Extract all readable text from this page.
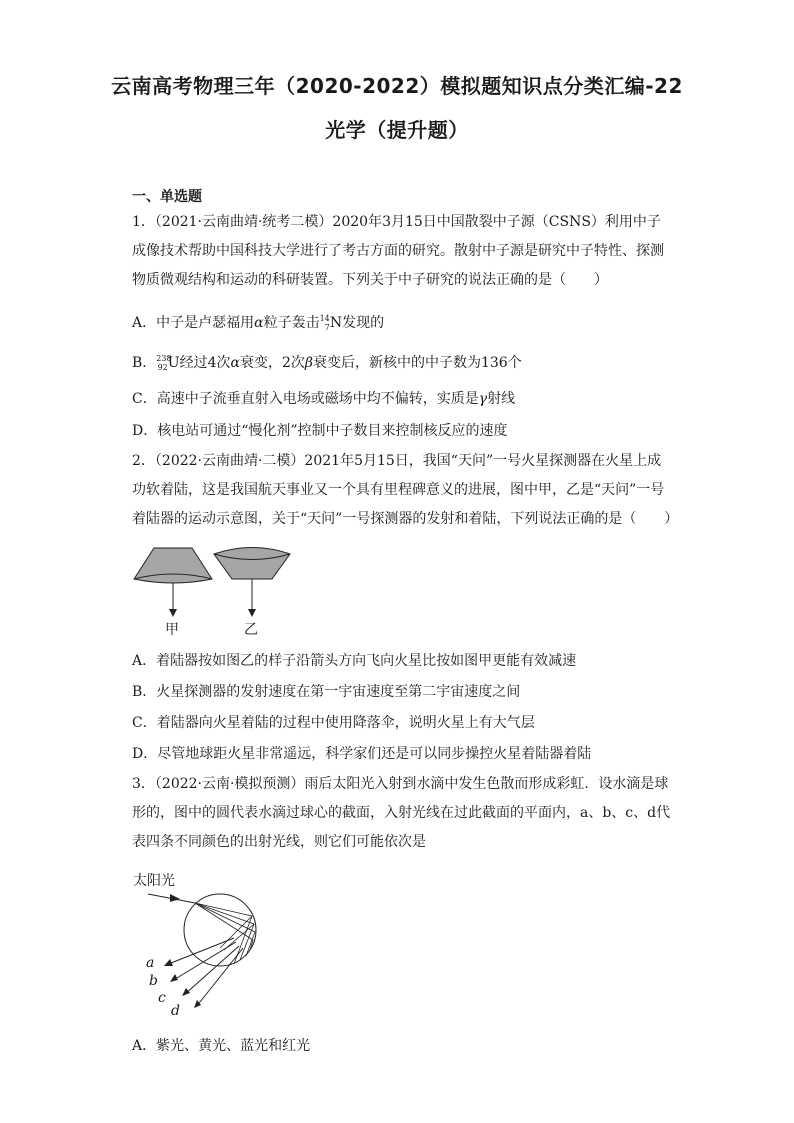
云南高考物理三年（2020-2022）模拟题知识点分类汇编-22
光学（提升题）
一、单选题
1．（2021·云南曲靖·统考二模）2020年3月15日中国散裂中子源（CSNS）利用中子成像技术帮助中国科技大学进行了考古方面的研究。散射中子源是研究中子特性、探测物质微观结构和运动的科研装置。下列关于中子研究的说法正确的是（　　）
A．中子是卢瑟福用α粒子轰击$^{14}_7$N发现的
B．$^{238}_{92}$U经过4次α衰变，2次β衰变后，新核中的中子数为136个
C．高速中子流垂直射入电场或磁场中均不偏转，实质是γ射线
D．核电站可通过“慢化剂”控制中子数目来控制核反应的速度
2．（2022·云南曲靖·二模）2021年5月15日，我国“天问”一号火星探测器在火星上成功软着陆，这是我国航天事业又一个具有里程碑意义的进展，图中甲，乙是“天问”一号着陆器的运动示意图，关于“天问”一号探测器的发射和着陆，下列说法正确的是（　　）
甲	乙
A．着陆器按如图乙的样子沿箭头方向飞向火星比按如图甲更能有效减速
B．火星探测器的发射速度在第一宇宙速度至第二宇宙速度之间
C．着陆器向火星着陆的过程中使用降落伞，说明火星上有大气层
D．尽管地球距火星非常遥远，科学家们还是可以同步操控火星着陆器着陆
3．（2022·云南·模拟预测）雨后太阳光入射到水滴中发生色散而形成彩虹．设水滴是球形的，图中的圆代表水滴过球心的截面，入射光线在过此截面的平面内，a、b、c、d代表四条不同颜色的出射光线，则它们可能依次是
太阳光
a
b
c
d
A．紫光、黄光、蓝光和红光
